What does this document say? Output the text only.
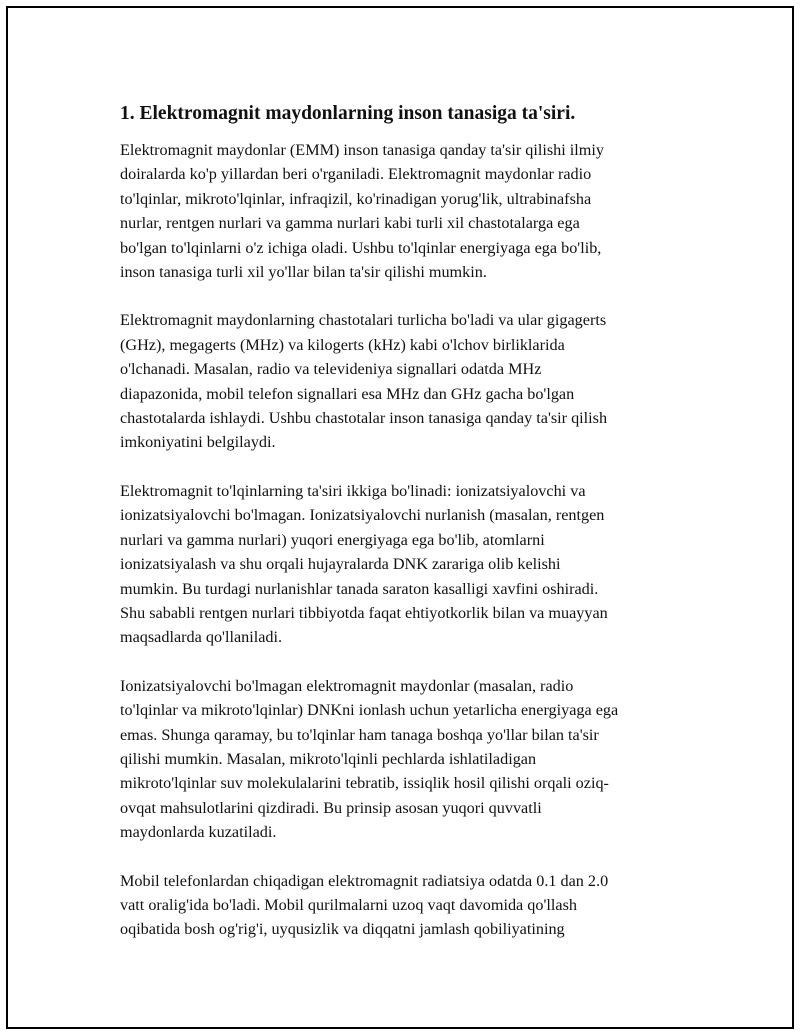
1. Elektromagnit maydonlarning inson tanasiga ta'siri.
Elektromagnit maydonlar (EMM) inson tanasiga qanday ta'sir qilishi ilmiy
doiralarda ko'p yillardan beri o'rganiladi. Elektromagnit maydonlar radio
to'lqinlar, mikroto'lqinlar, infraqizil, ko'rinadigan yorug'lik, ultrabinafsha
nurlar, rentgen nurlari va gamma nurlari kabi turli xil chastotalarga ega
bo'lgan to'lqinlarni o'z ichiga oladi. Ushbu to'lqinlar energiyaga ega bo'lib,
inson tanasiga turli xil yo'llar bilan ta'sir qilishi mumkin.
Elektromagnit maydonlarning chastotalari turlicha bo'ladi va ular gigagerts
(GHz), megagerts (MHz) va kilogerts (kHz) kabi o'lchov birliklarida
o'lchanadi. Masalan, radio va televideniya signallari odatda MHz
diapazonida, mobil telefon signallari esa MHz dan GHz gacha bo'lgan
chastotalarda ishlaydi. Ushbu chastotalar inson tanasiga qanday ta'sir qilish
imkoniyatini belgilaydi.
Elektromagnit to'lqinlarning ta'siri ikkiga bo'linadi: ionizatsiyalovchi va
ionizatsiyalovchi bo'lmagan. Ionizatsiyalovchi nurlanish (masalan, rentgen
nurlari va gamma nurlari) yuqori energiyaga ega bo'lib, atomlarni
ionizatsiyalash va shu orqali hujayralarda DNK zarariga olib kelishi
mumkin. Bu turdagi nurlanishlar tanada saraton kasalligi xavfini oshiradi.
Shu sababli rentgen nurlari tibbiyotda faqat ehtiyotkorlik bilan va muayyan
maqsadlarda qo'llaniladi.
Ionizatsiyalovchi bo'lmagan elektromagnit maydonlar (masalan, radio
to'lqinlar va mikroto'lqinlar) DNKni ionlash uchun yetarlicha energiyaga ega
emas. Shunga qaramay, bu to'lqinlar ham tanaga boshqa yo'llar bilan ta'sir
qilishi mumkin. Masalan, mikroto'lqinli pechlarda ishlatiladigan
mikroto'lqinlar suv molekulalarini tebratib, issiqlik hosil qilishi orqali oziq-
ovqat mahsulotlarini qizdiradi. Bu prinsip asosan yuqori quvvatli
maydonlarda kuzatiladi.
Mobil telefonlardan chiqadigan elektromagnit radiatsiya odatda 0.1 dan 2.0
vatt oralig'ida bo'ladi. Mobil qurilmalarni uzoq vaqt davomida qo'llash
oqibatida bosh og'rig'i, uyqusizlik va diqqatni jamlash qobiliyatining
